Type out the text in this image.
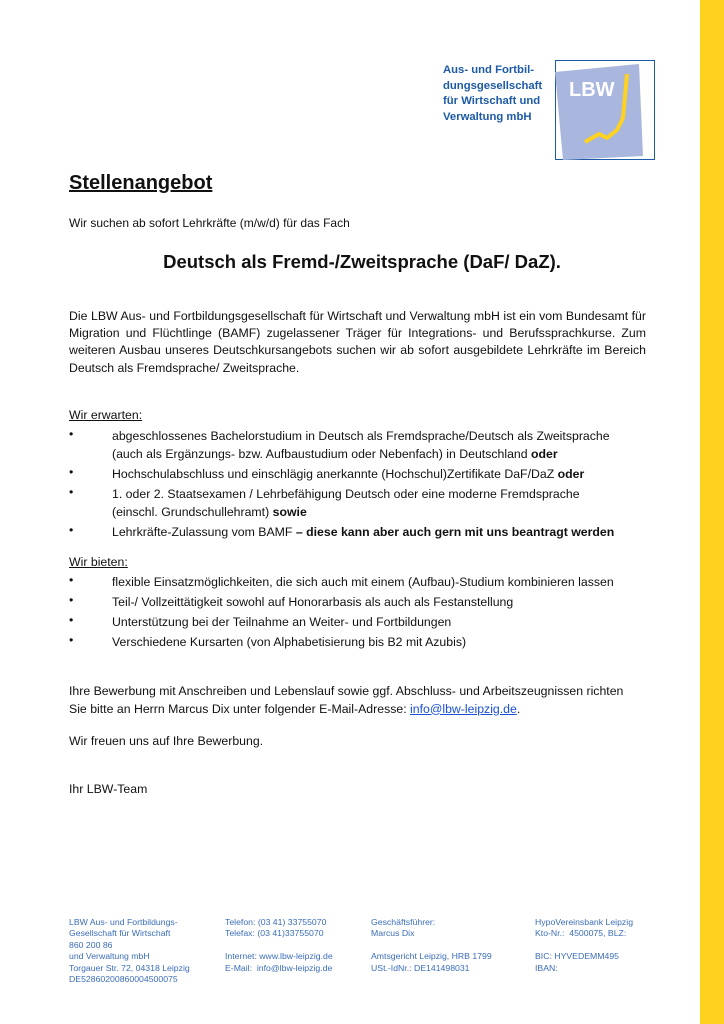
Aus- und Fortbil-
dungsgesellschaft
für Wirtschaft und
Verwaltung mbH
LBW
Stellenangebot
Wir suchen ab sofort Lehrkräfte (m/w/d) für das Fach
Deutsch als Fremd-/Zweitsprache (DaF/ DaZ).
Die LBW Aus- und Fortbildungsgesellschaft für Wirtschaft und Verwaltung mbH ist ein vom Bundesamt für Migration und Flüchtlinge (BAMF) zugelassener Träger für Integrations- und Berufssprachkurse. Zum weiteren Ausbau unseres Deutschkursangebots suchen wir ab sofort ausgebildete Lehrkräfte im Bereich Deutsch als Fremdsprache/ Zweitsprache.
Wir erwarten:
•	abgeschlossenes Bachelorstudium in Deutsch als Fremdsprache/Deutsch als Zweitsprache
(auch als Ergänzungs- bzw. Aufbaustudium oder Nebenfach) in Deutschland oder
•	Hochschulabschluss und einschlägig anerkannte (Hochschul)Zertifikate DaF/DaZ oder
•	1. oder 2. Staatsexamen / Lehrbefähigung Deutsch oder eine moderne Fremdsprache
(einschl. Grundschullehramt) sowie
•	Lehrkräfte-Zulassung vom BAMF – diese kann aber auch gern mit uns beantragt werden
Wir bieten:
•	flexible Einsatzmöglichkeiten, die sich auch mit einem (Aufbau)-Studium kombinieren lassen
•	Teil-/ Vollzeittätigkeit sowohl auf Honorarbasis als auch als Festanstellung
•	Unterstützung bei der Teilnahme an Weiter- und Fortbildungen
•	Verschiedene Kursarten (von Alphabetisierung bis B2 mit Azubis)
Ihre Bewerbung mit Anschreiben und Lebenslauf sowie ggf. Abschluss- und Arbeitszeugnissen richten
Sie bitte an Herrn Marcus Dix unter folgender E-Mail-Adresse: info@lbw-leipzig.de.
Wir freuen uns auf Ihre Bewerbung.
Ihr LBW-Team
LBW Aus- und Fortbildungs-
Gesellschaft für Wirtschaft
860 200 86
und Verwaltung mbH
Torgauer Str. 72, 04318 Leipzig
DE52860200860004500075
Telefon: (03 41) 33755070
Telefax: (03 41)33755070

Internet: www.lbw-leipzig.de
E-Mail:  info@lbw-leipzig.de
Geschäftsführer:
Marcus Dix

Amtsgericht Leipzig, HRB 1799
USt.-IdNr.: DE141498031
HypoVereinsbank Leipzig
Kto-Nr.:  4500075, BLZ:

BIC: HYVEDEMM495
IBAN:
